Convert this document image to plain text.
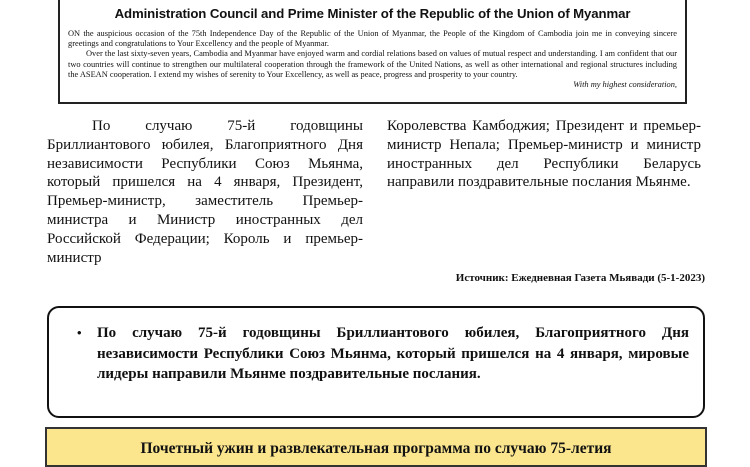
Administration Council and Prime Minister of the Republic of the Union of Myanmar

ON the auspicious occasion of the 75th Independence Day of the Republic of the Union of Myanmar, the People of the Kingdom of Cambodia join me in conveying sincere greetings and congratulations to Your Excellency and the people of Myanmar.

Over the last sixty-seven years, Cambodia and Myanmar have enjoyed warm and cordial relations based on values of mutual respect and understanding. I am confident that our two countries will continue to strengthen our multilateral cooperation through the framework of the United Nations, as well as other international and regional structures including the ASEAN cooperation. I extend my wishes of serenity to Your Excellency, as well as peace, progress and prosperity to your country.

With my highest consideration,

По случаю 75-й годовщины Бриллиантового юбилея, Благоприятного Дня независимости Республики Союз Мьянма, который пришелся на 4 января, Президент, Премьер-министр, заместитель Премьер-министра и Министр иностранных дел Российской Федерации; Король и премьер-министр

Королевства Камбоджия; Президент и премьер-министр Непала; Премьер-министр и министр иностранных дел Республики Беларусь направили поздравительные послания Мьянме.

Источник: Ежедневная Газета Мьявади (5-1-2023)
•	По случаю 75-й годовщины Бриллиантового юбилея, Благоприятного Дня независимости Республики Союз Мьянма, который пришелся на 4 января, мировые лидеры направили Мьянме поздравительные послания.
Почетный ужин и развлекательная программа по случаю 75-летия
